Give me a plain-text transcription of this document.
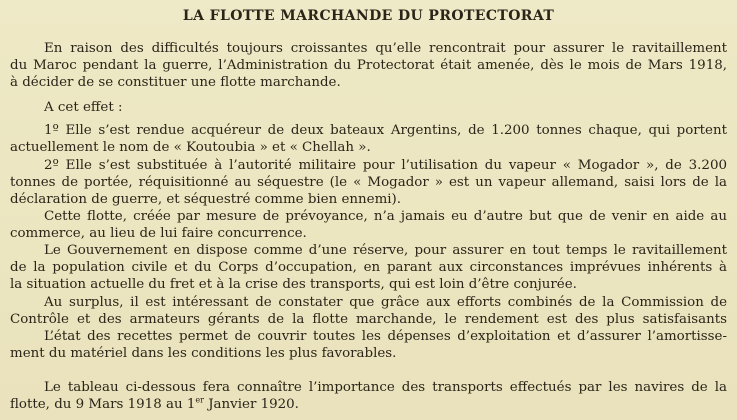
LA FLOTTE MARCHANDE DU PROTECTORAT
En raison des difficultés toujours croissantes qu’elle rencontrait pour assurer le ravitaillement
du Maroc pendant la guerre, l’Administration du Protectorat était amenée, dès le mois de Mars 1918,
à décider de se constituer une flotte marchande.
A cet effet :
1º Elle s’est rendue acquéreur de deux bateaux Argentins, de 1.200 tonnes chaque, qui portent
actuellement le nom de « Koutoubia » et « Chellah ».
2º Elle s’est substituée à l’autorité militaire pour l’utilisation du vapeur « Mogador », de 3.200
tonnes de portée, réquisitionné au séquestre (le « Mogador » est un vapeur allemand, saisi lors de la
déclaration de guerre, et séquestré comme bien ennemi).
Cette flotte, créée par mesure de prévoyance, n’a jamais eu d’autre but que de venir en aide au
commerce, au lieu de lui faire concurrence.
Le Gouvernement en dispose comme d’une réserve, pour assurer en tout temps le ravitaillement
de la population civile et du Corps d’occupation, en parant aux circonstances imprévues inhérents à
la situation actuelle du fret et à la crise des transports, qui est loin d’être conjurée.
Au surplus, il est intéressant de constater que grâce aux efforts combinés de la Commission de
Contrôle et des armateurs gérants de la flotte marchande, le rendement est des plus satisfaisants
L’état des recettes permet de couvrir toutes les dépenses d’exploitation et d’assurer l’amortisse-
ment du matériel dans les conditions les plus favorables.
Le tableau ci-dessous fera connaître l’importance des transports effectués par les navires de la
flotte, du 9 Mars 1918 au 1er Janvier 1920.
